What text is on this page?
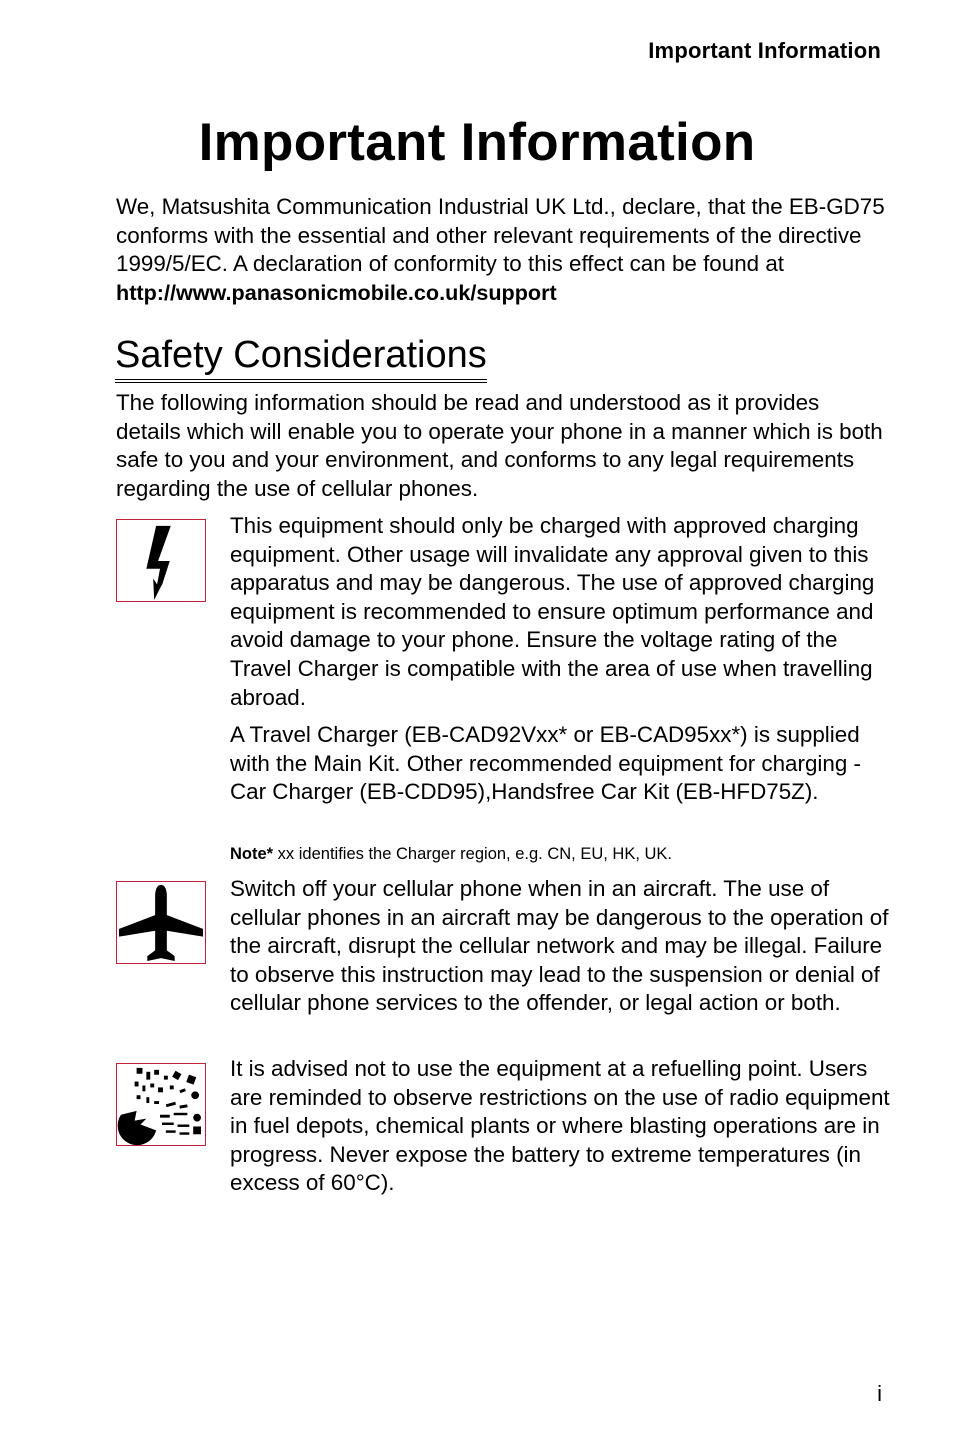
Important Information
Important Information

We, Matsushita Communication Industrial UK Ltd., declare, that the EB-GD75 conforms with the essential and other relevant requirements of the directive 1999/5/EC. A declaration of conformity to this effect can be found at http://www.panasonicmobile.co.uk/support

Safety Considerations

The following information should be read and understood as it provides details which will enable you to operate your phone in a manner which is both safe to you and your environment, and conforms to any legal requirements regarding the use of cellular phones.

This equipment should only be charged with approved charging equipment. Other usage will invalidate any approval given to this apparatus and may be dangerous. The use of approved charging equipment is recommended to ensure optimum performance and avoid damage to your phone. Ensure the voltage rating of the Travel Charger is compatible with the area of use when travelling abroad.

A Travel Charger (EB-CAD92Vxx* or EB-CAD95xx*) is supplied with the Main Kit. Other recommended equipment for charging -Car Charger (EB-CDD95),Handsfree Car Kit (EB-HFD75Z).

Note* xx identifies the Charger region, e.g. CN, EU, HK, UK.

Switch off your cellular phone when in an aircraft. The use of cellular phones in an aircraft may be dangerous to the operation of the aircraft, disrupt the cellular network and may be illegal. Failure to observe this instruction may lead to the suspension or denial of cellular phone services to the offender, or legal action or both.

It is advised not to use the equipment at a refuelling point. Users are reminded to observe restrictions on the use of radio equipment in fuel depots, chemical plants or where blasting operations are in progress. Never expose the battery to extreme temperatures (in excess of 60°C).

i
